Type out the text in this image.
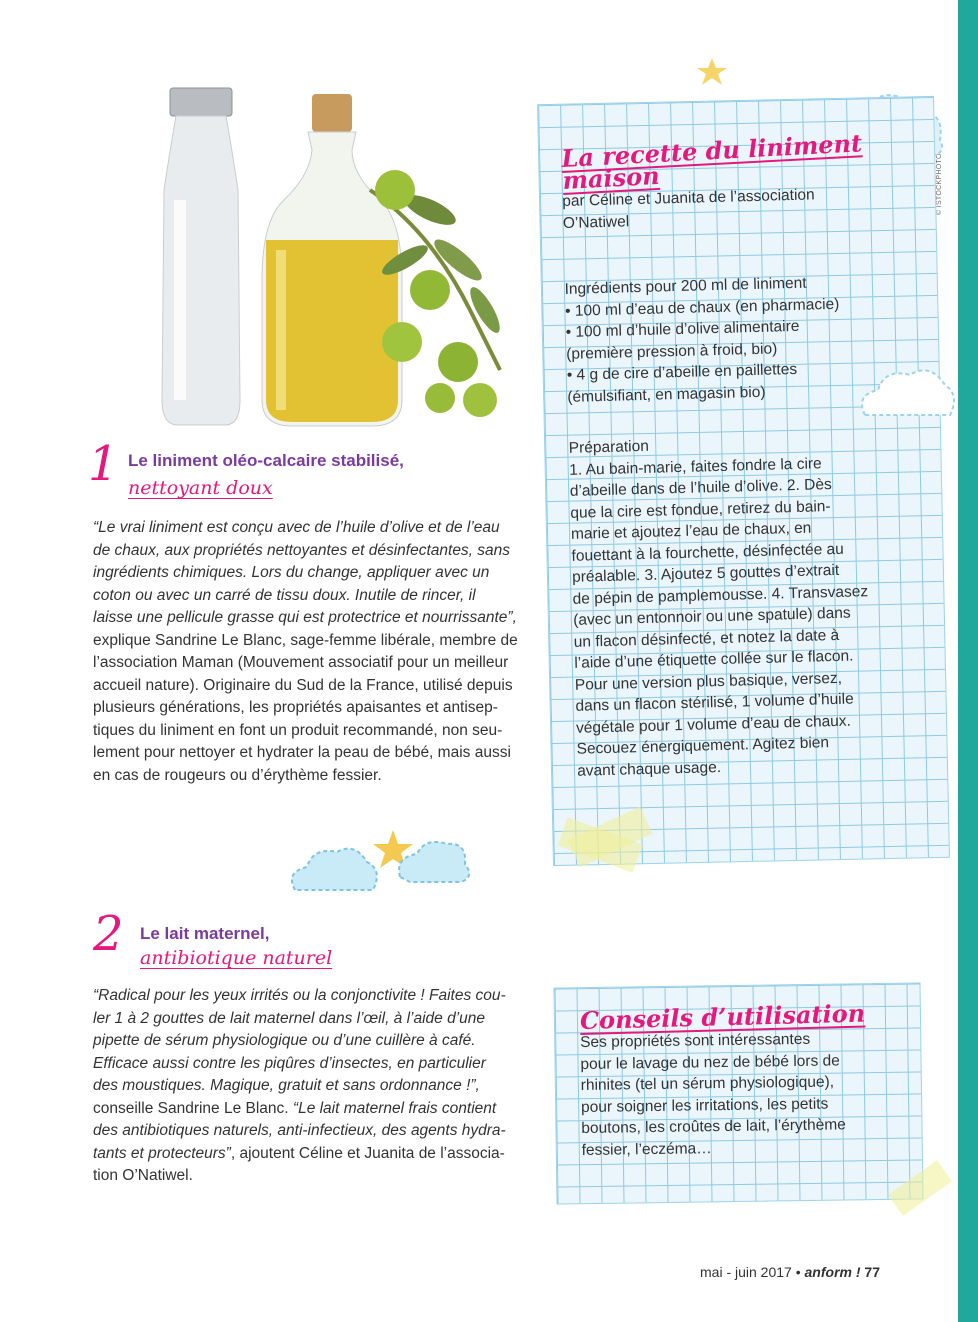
© ISTOCKPHOTO
La recette du liniment maison
par Céline et Juanita de l’association
O’Natiwel
Ingrédients pour 200 ml de liniment
• 100 ml d’eau de chaux (en pharmacie)
• 100 ml d’huile d’olive alimentaire
(première pression à froid, bio)
• 4 g de cire d’abeille en paillettes
(émulsifiant, en magasin bio)
Préparation
1. Au bain-marie, faites fondre la cire
d’abeille dans de l’huile d’olive. 2. Dès
que la cire est fondue, retirez du bain-
marie et ajoutez l’eau de chaux, en
fouettant à la fourchette, désinfectée au
préalable. 3. Ajoutez 5 gouttes d’extrait
de pépin de pamplemousse. 4. Transvasez
(avec un entonnoir ou une spatule) dans
un flacon désinfecté, et notez la date à
l’aide d’une étiquette collée sur le flacon.
Pour une version plus basique, versez,
dans un flacon stérilisé, 1 volume d’huile
végétale pour 1 volume d’eau de chaux.
Secouez énergiquement. Agitez bien
avant chaque usage.
1 Le liniment oléo-calcaire stabilisé,
nettoyant doux
“Le vrai liniment est conçu avec de l’huile d’olive et de l’eau
de chaux, aux propriétés nettoyantes et désinfectantes, sans
ingrédients chimiques. Lors du change, appliquer avec un
coton ou avec un carré de tissu doux. Inutile de rincer, il
laisse une pellicule grasse qui est protectrice et nourrissante”,
explique Sandrine Le Blanc, sage-femme libérale, membre de
l’association Maman (Mouvement associatif pour un meilleur
accueil nature). Originaire du Sud de la France, utilisé depuis
plusieurs générations, les propriétés apaisantes et antisep-
tiques du liniment en font un produit recommandé, non seu-
lement pour nettoyer et hydrater la peau de bébé, mais aussi
en cas de rougeurs ou d’érythème fessier.
2 Le lait maternel,
antibiotique naturel
“Radical pour les yeux irrités ou la conjonctivite ! Faites cou-
ler 1 à 2 gouttes de lait maternel dans l’œil, à l’aide d’une
pipette de sérum physiologique ou d’une cuillère à café.
Efficace aussi contre les piqûres d’insectes, en particulier
des moustiques. Magique, gratuit et sans ordonnance !”,
conseille Sandrine Le Blanc. “Le lait maternel frais contient
des antibiotiques naturels, anti-infectieux, des agents hydra-
tants et protecteurs”, ajoutent Céline et Juanita de l’associa-
tion O’Natiwel.
Conseils d’utilisation
Ses propriétés sont intéressantes
pour le lavage du nez de bébé lors de
rhinites (tel un sérum physiologique),
pour soigner les irritations, les petits
boutons, les croûtes de lait, l’érythème
fessier, l’eczéma…
mai - juin 2017 • anform ! 77
